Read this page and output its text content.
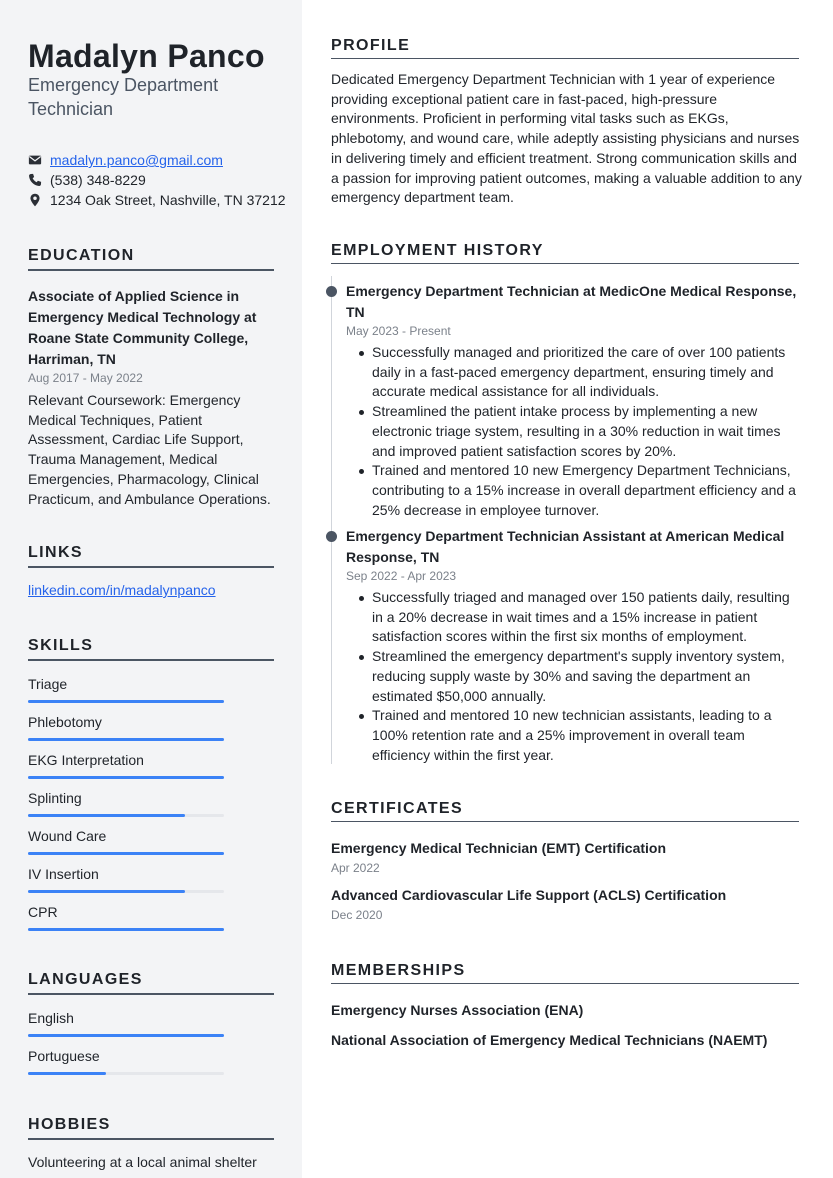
Madalyn Panco
Emergency Department Technician
madalyn.panco@gmail.com
(538) 348-8229
1234 Oak Street, Nashville, TN 37212
EDUCATION
Associate of Applied Science in Emergency Medical Technology at Roane State Community College, Harriman, TN
Aug 2017 - May 2022
Relevant Coursework: Emergency Medical Techniques, Patient Assessment, Cardiac Life Support, Trauma Management, Medical Emergencies, Pharmacology, Clinical Practicum, and Ambulance Operations.
LINKS
linkedin.com/in/madalynpanco
SKILLS
Triage
Phlebotomy
EKG Interpretation
Splinting
Wound Care
IV Insertion
CPR
LANGUAGES
English
Portuguese
HOBBIES
Volunteering at a local animal shelter
PROFILE
Dedicated Emergency Department Technician with 1 year of experience providing exceptional patient care in fast-paced, high-pressure environments. Proficient in performing vital tasks such as EKGs, phlebotomy, and wound care, while adeptly assisting physicians and nurses in delivering timely and efficient treatment. Strong communication skills and a passion for improving patient outcomes, making a valuable addition to any emergency department team.
EMPLOYMENT HISTORY
Emergency Department Technician at MedicOne Medical Response, TN
May 2023 - Present
Successfully managed and prioritized the care of over 100 patients daily in a fast-paced emergency department, ensuring timely and accurate medical assistance for all individuals.
Streamlined the patient intake process by implementing a new electronic triage system, resulting in a 30% reduction in wait times and improved patient satisfaction scores by 20%.
Trained and mentored 10 new Emergency Department Technicians, contributing to a 15% increase in overall department efficiency and a 25% decrease in employee turnover.
Emergency Department Technician Assistant at American Medical Response, TN
Sep 2022 - Apr 2023
Successfully triaged and managed over 150 patients daily, resulting in a 20% decrease in wait times and a 15% increase in patient satisfaction scores within the first six months of employment.
Streamlined the emergency department's supply inventory system, reducing supply waste by 30% and saving the department an estimated $50,000 annually.
Trained and mentored 10 new technician assistants, leading to a 100% retention rate and a 25% improvement in overall team efficiency within the first year.
CERTIFICATES
Emergency Medical Technician (EMT) Certification
Apr 2022
Advanced Cardiovascular Life Support (ACLS) Certification
Dec 2020
MEMBERSHIPS
Emergency Nurses Association (ENA)
National Association of Emergency Medical Technicians (NAEMT)
